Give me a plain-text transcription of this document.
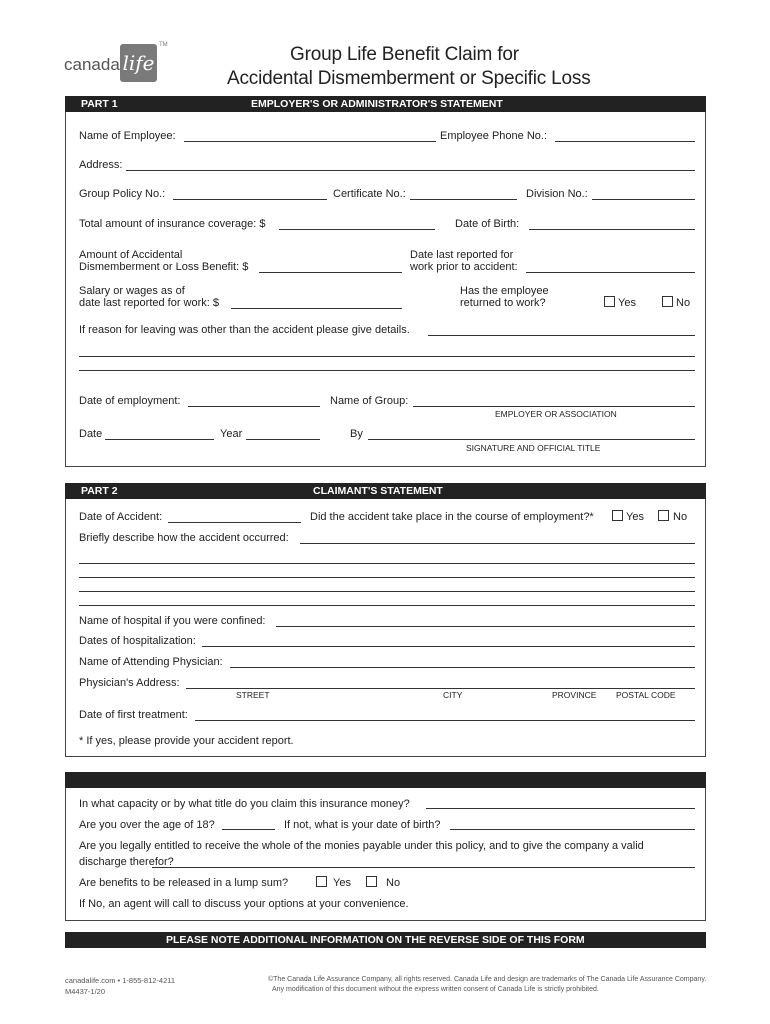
canada life
TM	Group Life Benefit Claim for
Accidental Dismemberment or Specific Loss
PART 1	EMPLOYER'S OR ADMINISTRATOR'S STATEMENT
Name of Employee:	Employee Phone No.:
Address:
Group Policy No.:	Certificate No.:	Division No.:
Total amount of insurance coverage: $	Date of Birth:
Amount of Accidental
Dismemberment or Loss Benefit: $
Date last reported for
work prior to accident:
Salary or wages as of
date last reported for work: $
Has the employee
returned to work?	Yes	No
If reason for leaving was other than the accident please give details.
Date of employment:	Name of Group:
EMPLOYER OR ASSOCIATION
Date	Year	By
SIGNATURE AND OFFICIAL TITLE
PART 2	CLAIMANT'S STATEMENT
Date of Accident:	Did the accident take place in the course of employment?*	Yes	No
Briefly describe how the accident occurred:
Name of hospital if you were confined:
Dates of hospitalization:
Name of Attending Physician:
Physician's Address:
STREET	CITY	PROVINCE POSTAL CODE
Date of first treatment:
* If yes, please provide your accident report.
In what capacity or by what title do you claim this insurance money?
Are you over the age of 18?	If not, what is your date of birth?
Are you legally entitled to receive the whole of the monies payable under this policy, and to give the company a valid
discharge therefor?
Are benefits to be released in a lump sum?	Yes	No
If No, an agent will call to discuss your options at your convenience.
PLEASE NOTE ADDITIONAL INFORMATION ON THE REVERSE SIDE OF THIS FORM
canadalife.com • 1-855-812-4211
M4437-1/20
©The Canada Life Assurance Company, all rights reserved. Canada Life and design are trademarks of The Canada Life Assurance Company.
Any modification of this document without the express written consent of Canada Life is strictly prohibited.
